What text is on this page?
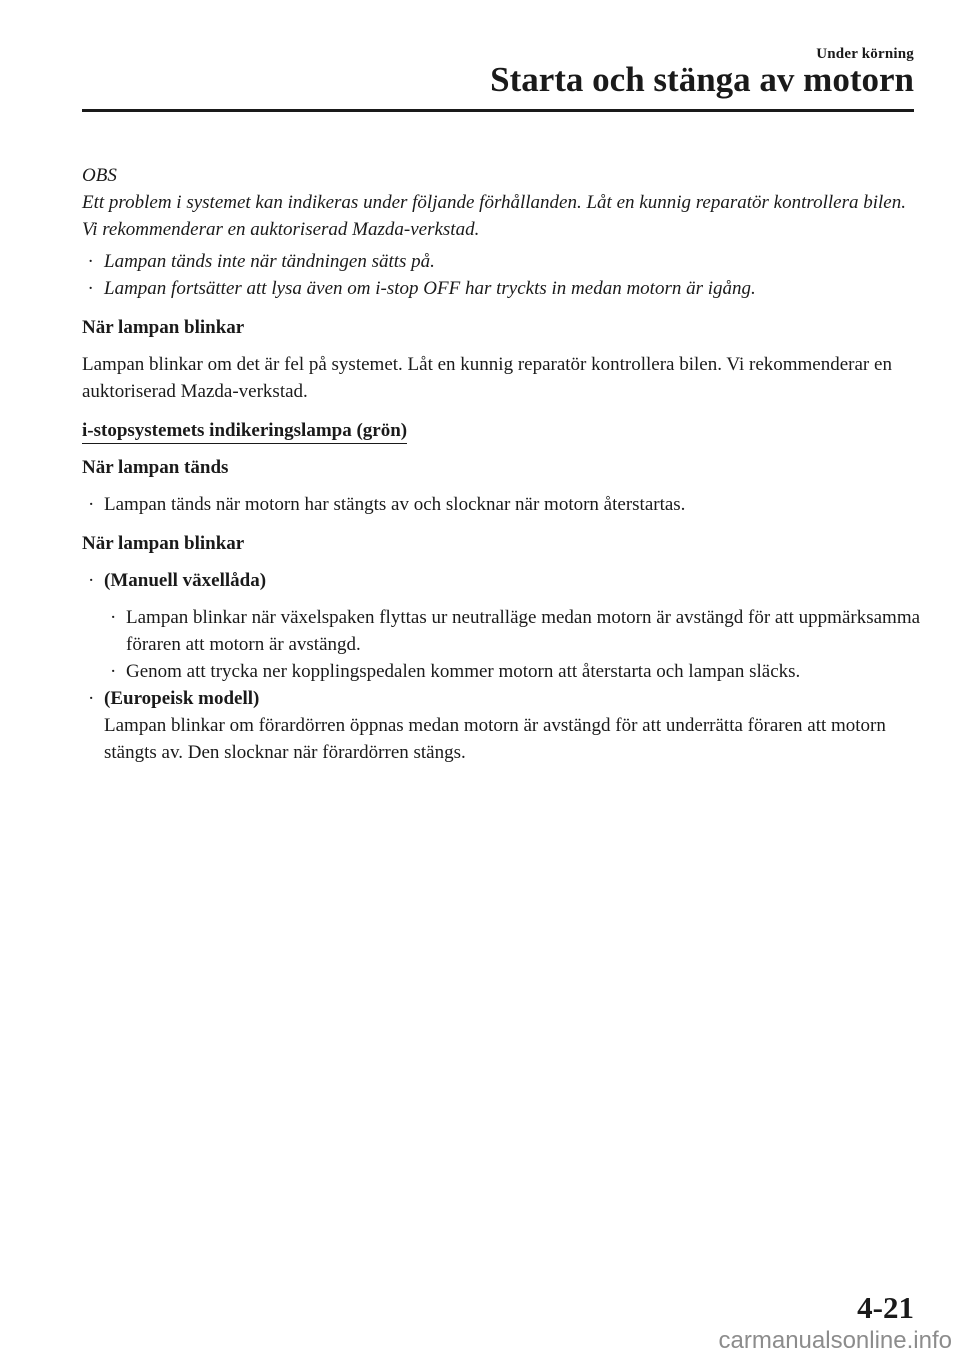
Under körning
Starta och stänga av motorn
OBS
Ett problem i systemet kan indikeras under följande förhållanden. Låt en kunnig reparatör kontrollera bilen. Vi rekommenderar en auktoriserad Mazda-verkstad.
· Lampan tänds inte när tändningen sätts på.
· Lampan fortsätter att lysa även om i-stop OFF har tryckts in medan motorn är igång.
När lampan blinkar
Lampan blinkar om det är fel på systemet. Låt en kunnig reparatör kontrollera bilen. Vi rekommenderar en auktoriserad Mazda-verkstad.
i-stopsystemets indikeringslampa (grön)
När lampan tänds
· Lampan tänds när motorn har stängts av och slocknar när motorn återstartas.
När lampan blinkar
· (Manuell växellåda)
· Lampan blinkar när växelspaken flyttas ur neutralläge medan motorn är avstängd för att uppmärksamma föraren att motorn är avstängd.
· Genom att trycka ner kopplingspedalen kommer motorn att återstarta och lampan släcks.
· (Europeisk modell)
Lampan blinkar om förardörren öppnas medan motorn är avstängd för att underrätta föraren att motorn stängts av. Den slocknar när förardörren stängs.
4-21
carmanualsonline.info
